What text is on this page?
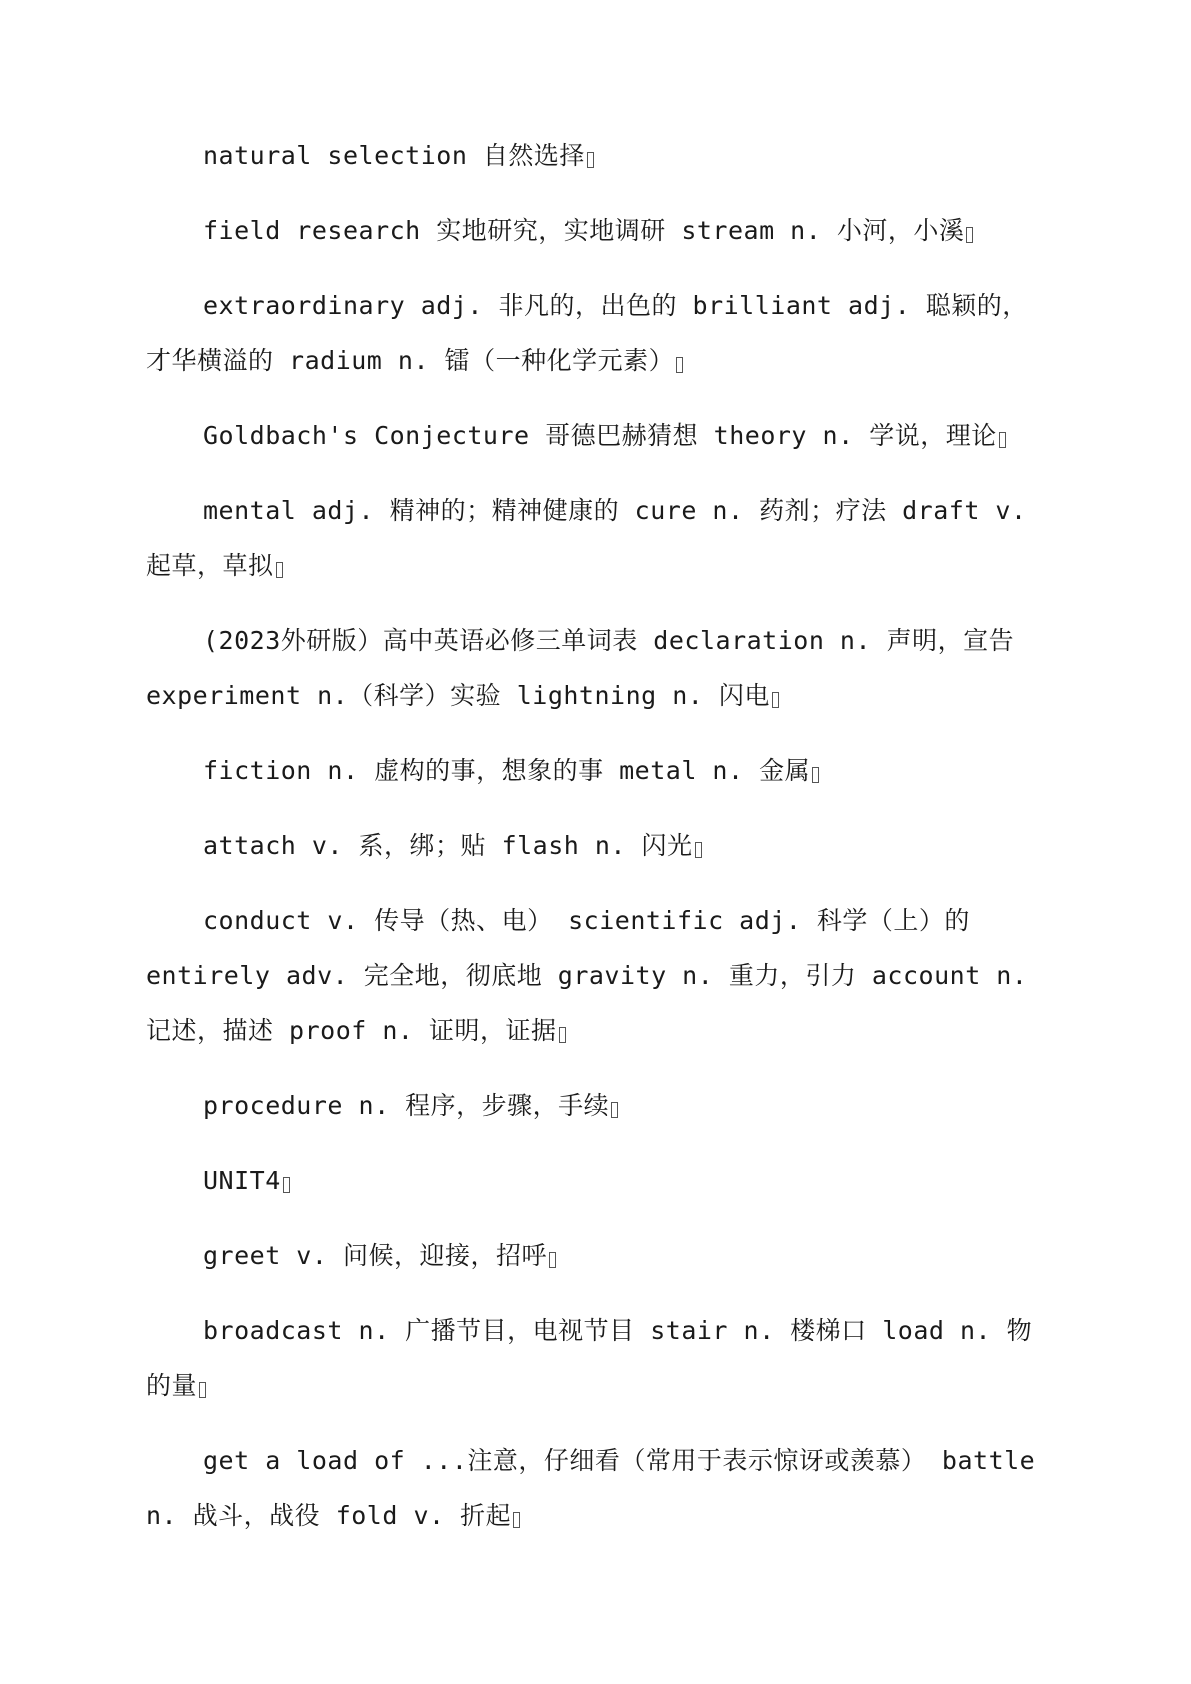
natural selection 自然选择

field research 实地研究，实地调研 stream n. 小河，小溪

extraordinary adj. 非凡的，出色的 brilliant adj. 聪颖的，才华横溢的 radium n. 镭（一种化学元素）

Goldbach's Conjecture 哥德巴赫猜想 theory n. 学说，理论

mental adj. 精神的；精神健康的 cure n. 药剂；疗法 draft v. 起草，草拟

(2023外研版）高中英语必修三单词表 declaration n. 声明，宣告 experiment n.（科学）实验 lightning n. 闪电

fiction n. 虚构的事，想象的事 metal n. 金属

attach v. 系，绑；贴 flash n. 闪光

conduct v. 传导（热、电） scientific adj. 科学（上）的 entirely adv. 完全地，彻底地 gravity n. 重力，引力 account n. 记述，描述 proof n. 证明，证据

procedure n. 程序，步骤，手续

UNIT4

greet v. 问候，迎接，招呼

broadcast n. 广播节目，电视节目 stair n. 楼梯口 load n. 物的量

get a load of ...注意，仔细看（常用于表示惊讶或羡慕） battle n. 战斗，战役 fold v. 折起
